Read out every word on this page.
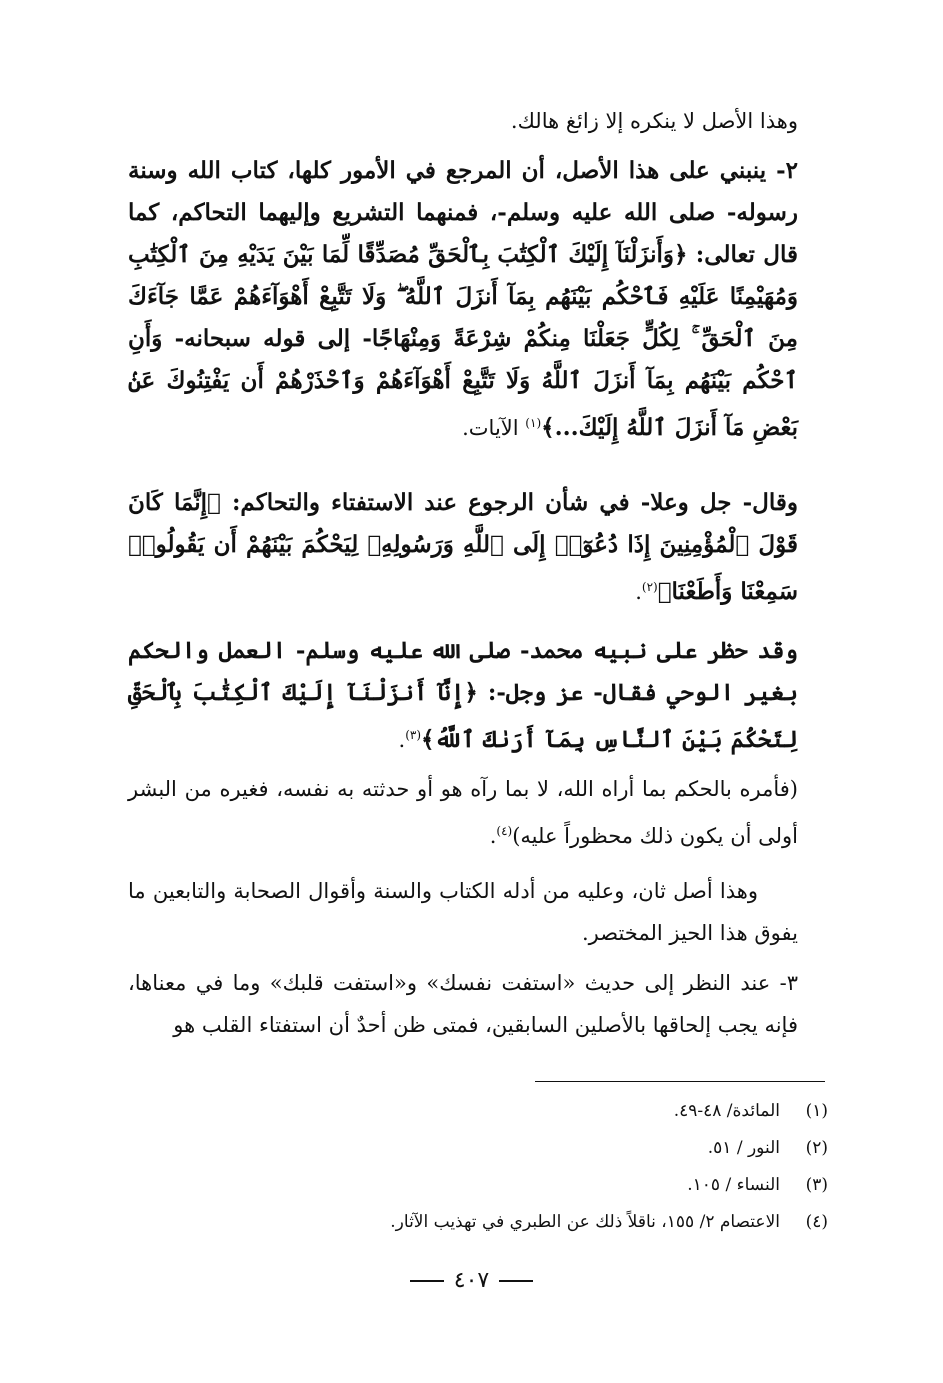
وهذا الأصل لا ينكره إلا زائغ هالك.
٢- ينبني على هذا الأصل، أن المرجع في الأمور كلها، كتاب الله وسنة رسوله- صلى الله عليه وسلم-، فمنهما التشريع وإليهما التحاكم، كما قال تعالى: ﴿وَأَنزَلْنَآ إِلَيْكَ ٱلْكِتَٰبَ بِٱلْحَقِّ مُصَدِّقًا لِّمَا بَيْنَ يَدَيْهِ مِنَ ٱلْكِتَٰبِ وَمُهَيْمِنًا عَلَيْهِ فَٱحْكُم بَيْنَهُم بِمَآ أَنزَلَ ٱللَّهُ ۖ وَلَا تَتَّبِعْ أَهْوَآءَهُمْ عَمَّا جَآءَكَ مِنَ ٱلْحَقِّ ۚ لِكُلٍّ جَعَلْنَا مِنكُمْ شِرْعَةً وَمِنْهَاجًا- إلى قوله سبحانه- وَأَنِ ٱحْكُم بَيْنَهُم بِمَآ أَنزَلَ ٱللَّهُ وَلَا تَتَّبِعْ أَهْوَآءَهُمْ وَٱحْذَرْهُمْ أَن يَفْتِنُوكَ عَنۢ بَعْضِ مَآ أَنزَلَ ٱللَّهُ إِلَيْكَ...﴾$^{(١)}$ الآيات.
وقال- جل وعلا- في شأن الرجوع عند الاستفتاء والتحاكم: ﴿إِنَّمَا كَانَ قَوْلَ ٱلْمُؤْمِنِينَ إِذَا دُعُوٓا۟ إِلَى ٱللَّهِ وَرَسُولِهِۦ لِيَحْكُمَ بَيْنَهُمْ أَن يَقُولُوا۟ سَمِعْنَا وَأَطَعْنَا﴾$^{(٢)}$.
وقد حظر على نبيه محمد- صلى الله عليه وسلم- العمل والحكم بغير الوحي فقال- عز وجل-: ﴿إِنَّآ أَنزَلْنَآ إِلَيْكَ ٱلْكِتَٰبَ بِٱلْحَقِّ لِتَحْكُمَ بَيْنَ ٱلنَّاسِ بِمَآ أَرَىٰكَ ٱللَّهُ﴾$^{(٣)}$.
(فأمره بالحكم بما أراه الله، لا بما رآه هو أو حدثته به نفسه، فغيره من البشر أولى أن يكون ذلك محظوراً عليه)$^{(٤)}$.
وهذا أصل ثان، وعليه من أدله الكتاب والسنة وأقوال الصحابة والتابعين ما يفوق هذا الحيز المختصر.
٣- عند النظر إلى حديث «استفت نفسك» و«استفت قلبك» وما في معناها، فإنه يجب إلحاقها بالأصلين السابقين، فمتى ظن أحدٌ أن استفتاء القلب هو
(١)المائدة/ ٤٨-٤٩.
(٢)النور / ٥١.
(٣)النساء / ١٠٥.
(٤)الاعتصام ٢/ ١٥٥، ناقلاً ذلك عن الطبري في تهذيب الآثار.
٤٠٧
